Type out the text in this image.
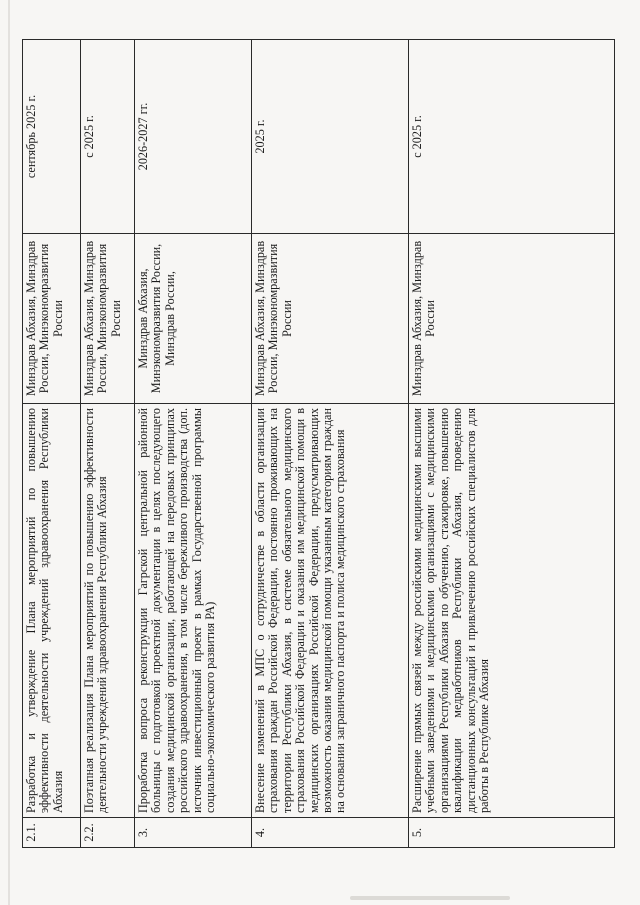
2.1.	Разработка и утверждение Плана мероприятий по повышению эффективности деятельности учреждений здравоохранения Республики Абхазия	Минздрав Абхазия, Минздрав России, Минэкономразвития России	сентябрь 2025 г.
2.2.	Поэтапная реализация Плана мероприятий по повышению эффективности деятельности учреждений здравоохранения Республики Абхазия	Минздрав Абхазия, Минздрав России, Минэкономразвития России	с 2025 г.
3.	Проработка вопроса реконструкции Гагрской центральной районной больницы с подготовкой проектной документации в целях последующего создания медицинской организации, работающей на передовых принципах российского здравоохранения, в том числе бережливого производства (доп. источник инвестиционный проект в рамках Государственной программы социально-экономического развития РА)	Минздрав Абхазия, Минэкономразвития России, Минздрав России,	2026-2027 гг.
4.	Внесение изменений в МПС о сотрудничестве в области организации страхования граждан Российской Федерации, постоянно проживающих на территории Республики Абхазия, в системе обязательного медицинского страхования Российской Федерации и оказания им медицинской помощи в медицинских организациях Российской Федерации, предусматривающих возможность оказания медицинской помощи указанным категориям граждан на основании заграничного паспорта и полиса медицинского страхования	Минздрав Абхазия, Минздрав России, Минэкономразвития России	2025 г.
5.	Расширение прямых связей между российскими медицинскими высшими учебными заведениями и медицинскими организациями с медицинскими организациями Республики Абхазия по обучению, стажировке, повышению квалификации медработников Республики Абхазия, проведению дистанционных консультаций и привлечению российских специалистов для работы в Республике Абхазия	Минздрав Абхазия, Минздрав России	с 2025 г.
